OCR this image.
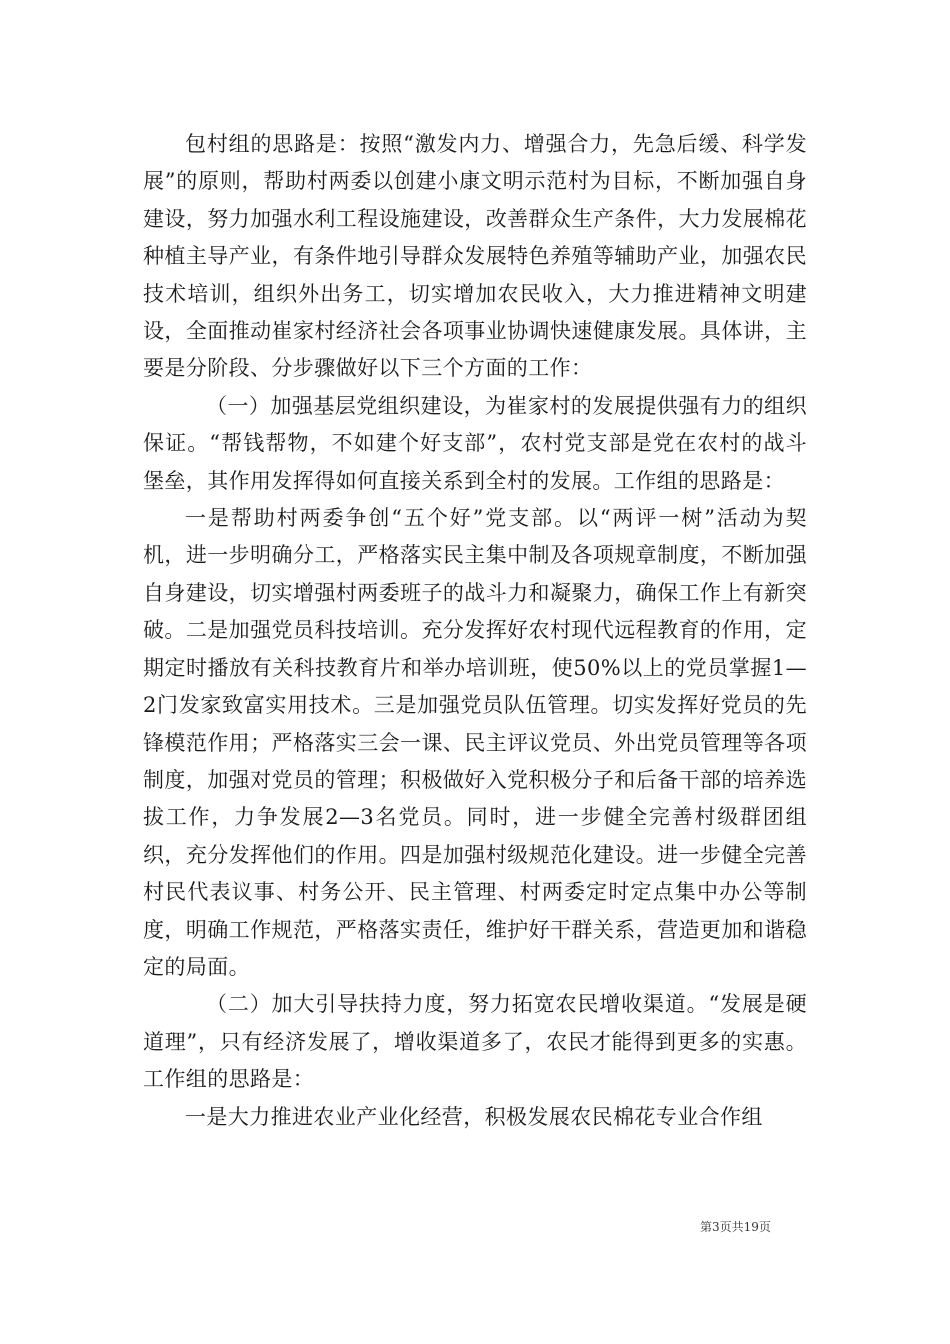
包村组的思路是：按照“激发内力、增强合力，先急后缓、科学发展”的原则，帮助村两委以创建小康文明示范村为目标，不断加强自身建设，努力加强水利工程设施建设，改善群众生产条件，大力发展棉花种植主导产业，有条件地引导群众发展特色养殖等辅助产业，加强农民技术培训，组织外出务工，切实增加农民收入，大力推进精神文明建设，全面推动崔家村经济社会各项事业协调快速健康发展。具体讲，主要是分阶段、分步骤做好以下三个方面的工作：

（一）加强基层党组织建设，为崔家村的发展提供强有力的组织保证。“帮钱帮物，不如建个好支部”，农村党支部是党在农村的战斗堡垒，其作用发挥得如何直接关系到全村的发展。工作组的思路是：

一是帮助村两委争创“五个好”党支部。以“两评一树”活动为契机，进一步明确分工，严格落实民主集中制及各项规章制度，不断加强自身建设，切实增强村两委班子的战斗力和凝聚力，确保工作上有新突破。二是加强党员科技培训。充分发挥好农村现代远程教育的作用，定期定时播放有关科技教育片和举办培训班，使50%以上的党员掌握1—2门发家致富实用技术。三是加强党员队伍管理。切实发挥好党员的先锋模范作用；严格落实三会一课、民主评议党员、外出党员管理等各项制度，加强对党员的管理；积极做好入党积极分子和后备干部的培养选拔工作，力争发展2—3名党员。同时，进一步健全完善村级群团组织，充分发挥他们的作用。四是加强村级规范化建设。进一步健全完善村民代表议事、村务公开、民主管理、村两委定时定点集中办公等制度，明确工作规范，严格落实责任，维护好干群关系，营造更加和谐稳定的局面。

（二）加大引导扶持力度，努力拓宽农民增收渠道。“发展是硬道理”，只有经济发展了，增收渠道多了，农民才能得到更多的实惠。工作组的思路是：

一是大力推进农业产业化经营，积极发展农民棉花专业合作组

第3页共19页
